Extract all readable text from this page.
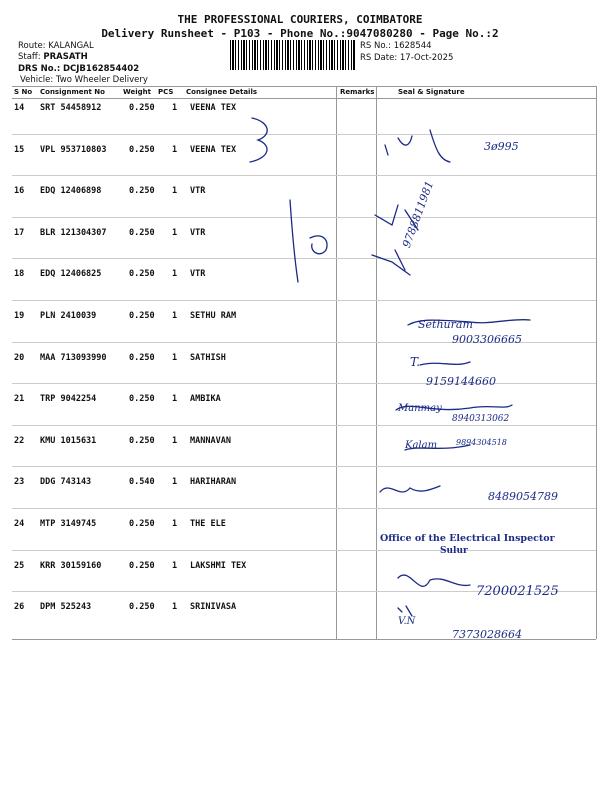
THE PROFESSIONAL COURIERS, COIMBATORE
Delivery Runsheet - P103 - Phone No.:9047080280 - Page No.:2
Route: KALANGAL
Staff: PRASATH
DRS No.: DCJB162854402
Vehicle: Two Wheeler Delivery
RS No.: 1628544
RS Date: 17-Oct-2025
S No Consignment No	Weight PCS Consignee Details	Remarks	Seal & Signature
14 SRT 54458912	0.250 1 VEENA TEX
15 VPL 953710803	0.250 1 VEENA TEX
16 EDQ 12406898	0.250 1 VTR
17 BLR 121304307	0.250 1 VTR
18 EDQ 12406825	0.250 1 VTR
19 PLN 2410039	0.250 1 SETHU RAM
20 MAA 713093990	0.250 1 SATHISH
21 TRP 9042254	0.250 1 AMBIKA
22 KMU 1015631	0.250 1 MANNAVAN
23 DDG 743143	0.540 1 HARIHARAN
24 MTP 3149745	0.250 1 THE ELE
25 KRR 30159160	0.250 1 LAKSHMI TEX
26 DPM 525243	0.250 1 SRINIVASA
Office of the Electrical Inspector
Sulur
T.
9159144660
Sethuram
9003306665
Manmay
8940313062
Kalam 9894304518
8489054789
7200021525
V.N
7373028664
3ø995
9788811981
